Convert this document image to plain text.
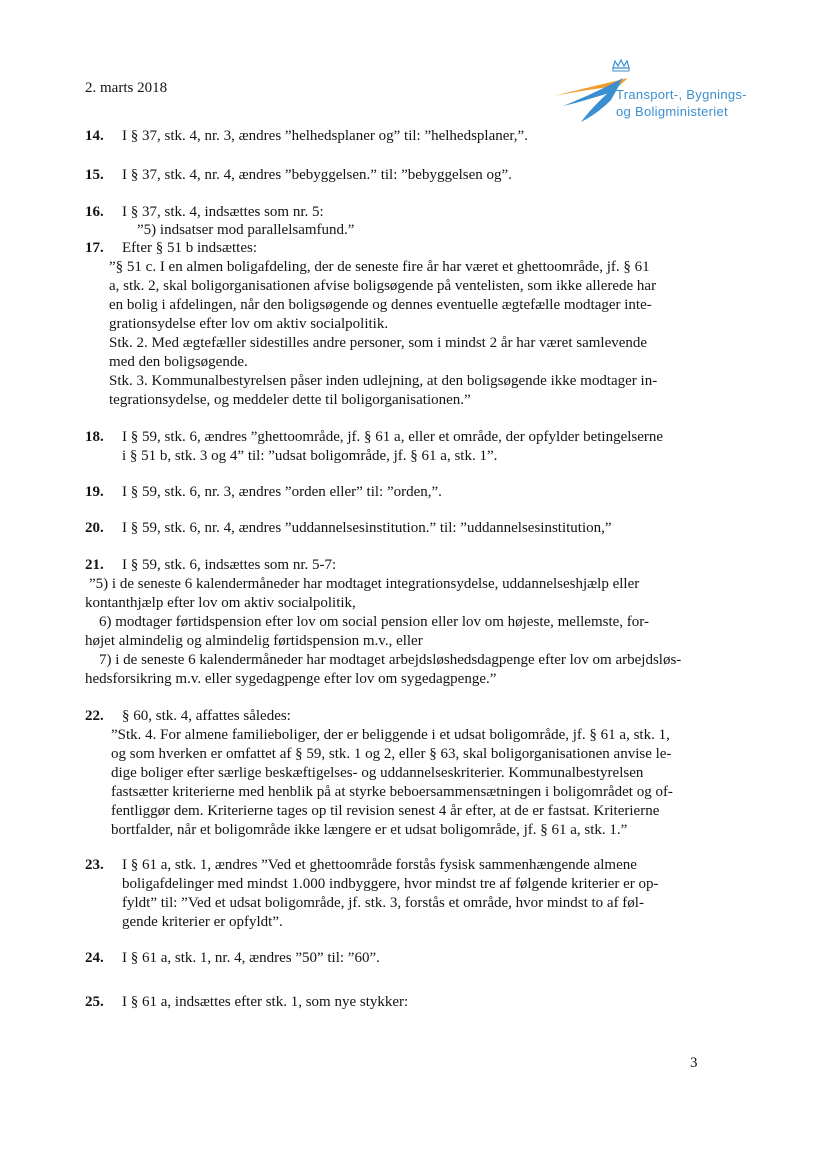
2. marts 2018	Transport-, Bygnings-
og Boligministeriet
14. I § 37, stk. 4, nr. 3, ændres ”helhedsplaner og” til: ”helhedsplaner,”.
15. I § 37, stk. 4, nr. 4, ændres ”bebyggelsen.” til: ”bebyggelsen og”.
16. I § 37, stk. 4, indsættes som nr. 5:
”5) indsatser mod parallelsamfund.”
17. Efter § 51 b indsættes:
”§ 51 c. I en almen boligafdeling, der de seneste fire år har været et ghettoområde, jf. § 61
a, stk. 2, skal boligorganisationen afvise boligsøgende på ventelisten, som ikke allerede har
en bolig i afdelingen, når den boligsøgende og dennes eventuelle ægtefælle modtager inte-
grationsydelse efter lov om aktiv socialpolitik.
Stk. 2. Med ægtefæller sidestilles andre personer, som i mindst 2 år har været samlevende
med den boligsøgende.
Stk. 3. Kommunalbestyrelsen påser inden udlejning, at den boligsøgende ikke modtager in-
tegrationsydelse, og meddeler dette til boligorganisationen.”
18. I § 59, stk. 6, ændres ”ghettoområde, jf. § 61 a, eller et område, der opfylder betingelserne
i § 51 b, stk. 3 og 4” til: ”udsat boligområde, jf. § 61 a, stk. 1”.
19. I § 59, stk. 6, nr. 3, ændres ”orden eller” til: ”orden,”.
20. I § 59, stk. 6, nr. 4, ændres ”uddannelsesinstitution.” til: ”uddannelsesinstitution,”
21. I § 59, stk. 6, indsættes som nr. 5-7:
”5) i de seneste 6 kalendermåneder har modtaget integrationsydelse, uddannelseshjælp eller
kontanthjælp efter lov om aktiv socialpolitik,
6) modtager førtidspension efter lov om social pension eller lov om højeste, mellemste, for-
højet almindelig og almindelig førtidspension m.v., eller
7) i de seneste 6 kalendermåneder har modtaget arbejdsløshedsdagpenge efter lov om arbejdsløs-
hedsforsikring m.v. eller sygedagpenge efter lov om sygedagpenge.”
22. § 60, stk. 4, affattes således:
”Stk. 4. For almene familieboliger, der er beliggende i et udsat boligområde, jf. § 61 a, stk. 1,
og som hverken er omfattet af § 59, stk. 1 og 2, eller § 63, skal boligorganisationen anvise le-
dige boliger efter særlige beskæftigelses- og uddannelseskriterier. Kommunalbestyrelsen
fastsætter kriterierne med henblik på at styrke beboersammensætningen i boligområdet og of-
fentliggør dem. Kriterierne tages op til revision senest 4 år efter, at de er fastsat. Kriterierne
bortfalder, når et boligområde ikke længere er et udsat boligområde, jf. § 61 a, stk. 1.”
23. I § 61 a, stk. 1, ændres ”Ved et ghettoområde forstås fysisk sammenhængende almene
boligafdelinger med mindst 1.000 indbyggere, hvor mindst tre af følgende kriterier er op-
fyldt” til: ”Ved et udsat boligområde, jf. stk. 3, forstås et område, hvor mindst to af føl-
gende kriterier er opfyldt”.
24. I § 61 a, stk. 1, nr. 4, ændres ”50” til: ”60”.
25. I § 61 a, indsættes efter stk. 1, som nye stykker:
3
